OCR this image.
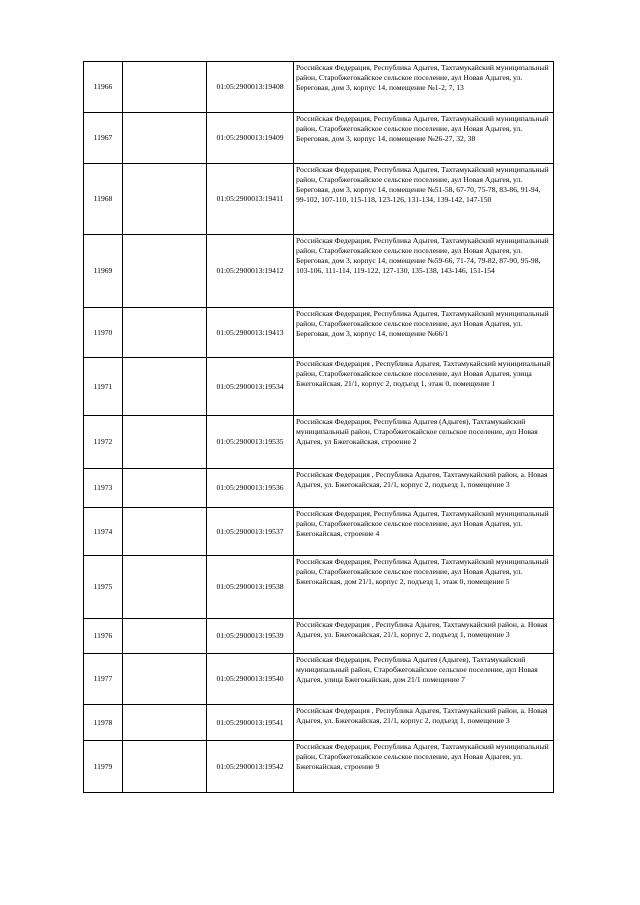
11966		01:05:2900013:19408	Российская Федерация, Республика Адыгея, Тахтамукайский муниципальный район, Старобжегокайское сельское поселение, аул Новая Адыгея, ул. Береговая, дом 3, корпус 14, помещение №1-2, 7, 13
11967		01:05:2900013:19409	Российская Федерация, Республика Адыгея, Тахтамукайский муниципальный район, Старобжегокайское сельское поселение, аул Новая Адыгея, ул. Береговая, дом 3, корпус 14, помещение №26-27, 32, 38
11968		01:05:2900013:19411	Российская Федерация, Республика Адыгея, Тахтамукайский муниципальный район, Старобжегокайское сельское поселение, аул Новая Адыгея, ул. Береговая, дом 3, корпус 14, помещение №51-58, 67-70, 75-78, 83-86, 91-94, 99-102, 107-110, 115-118, 123-126, 131-134, 139-142, 147-150
11969		01:05:2900013:19412	Российская Федерация, Республика Адыгея, Тахтамукайский муниципальный район, Старобжегокайское сельское поселение, аул Новая Адыгея, ул. Береговая, дом 3, корпус 14, помещение №59-66, 71-74, 79-82, 87-90, 95-98, 103-106, 111-114, 119-122, 127-130, 135-138, 143-146, 151-154
11970		01:05:2900013:19413	Российская Федерация, Республика Адыгея, Тахтамукайский муниципальный район, Старобжегокайское сельское поселение, аул Новая Адыгея, ул. Береговая, дом 3, корпус 14, помещение №66/1
11971		01:05:2900013:19534	Российская Федерация , Республика Адыгея, Тахтамукайский муниципальный район, Старобжегокайское сельское поселение, аул Новая Адыгея, улица Бжегокайская, 21/1, корпус 2, подъезд 1, этаж 0, помещение 1
11972		01:05:2900013:19535	Российская Федерация, Республика Адыгея (Адыгея), Тахтамукайский муниципальный район, Старобжегокайское сельское поселение, аул Новая Адыгея, ул Бжегокайская, строение 2
11973		01:05:2900013:19536	Российская Федерация , Республика Адыгея, Тахтамукайский район, а. Новая Адыгея, ул. Бжегокайская, 21/1, корпус 2, подъезд 1, помещение 3
11974		01:05:2900013:19537	Российская Федерация, Республика Адыгея, Тахтамукайский муниципальный район, Старобжегокайское сельское поселение, аул Новая Адыгея, ул. Бжегокайская, строение 4
11975		01:05:2900013:19538	Российская Федерация, Республика Адыгея, Тахтамукайский муниципальный район, Старобжегокайское сельское поселение, аул Новая Адыгея, ул. Бжегокайская, дом 21/1, корпус 2, подъезд 1, этаж 0, помещение 5
11976		01:05:2900013:19539	Российская Федерация , Республика Адыгея, Тахтамукайский район, а. Новая Адыгея, ул. Бжегокайская, 21/1, корпус 2, подъезд 1, помещение 3
11977		01:05:2900013:19540	Российская Федерация, Республика Адыгея (Адыгея), Тахтамукайский муниципальный район, Старобжегокайское сельское поселение, аул Новая Адыгея, улица Бжегокайская, дом 21/1 помещение 7
11978		01:05:2900013:19541	Российская Федерация , Республика Адыгея, Тахтамукайский район, а. Новая Адыгея, ул. Бжегокайская, 21/1, корпус 2, подъезд 1, помещение 3
11979		01:05:2900013:19542	Российская Федерация, Республика Адыгея, Тахтамукайский муниципальный район, Старобжегокайское сельское поселение, аул Новая Адыгея, ул. Бжегокайская, строение 9
